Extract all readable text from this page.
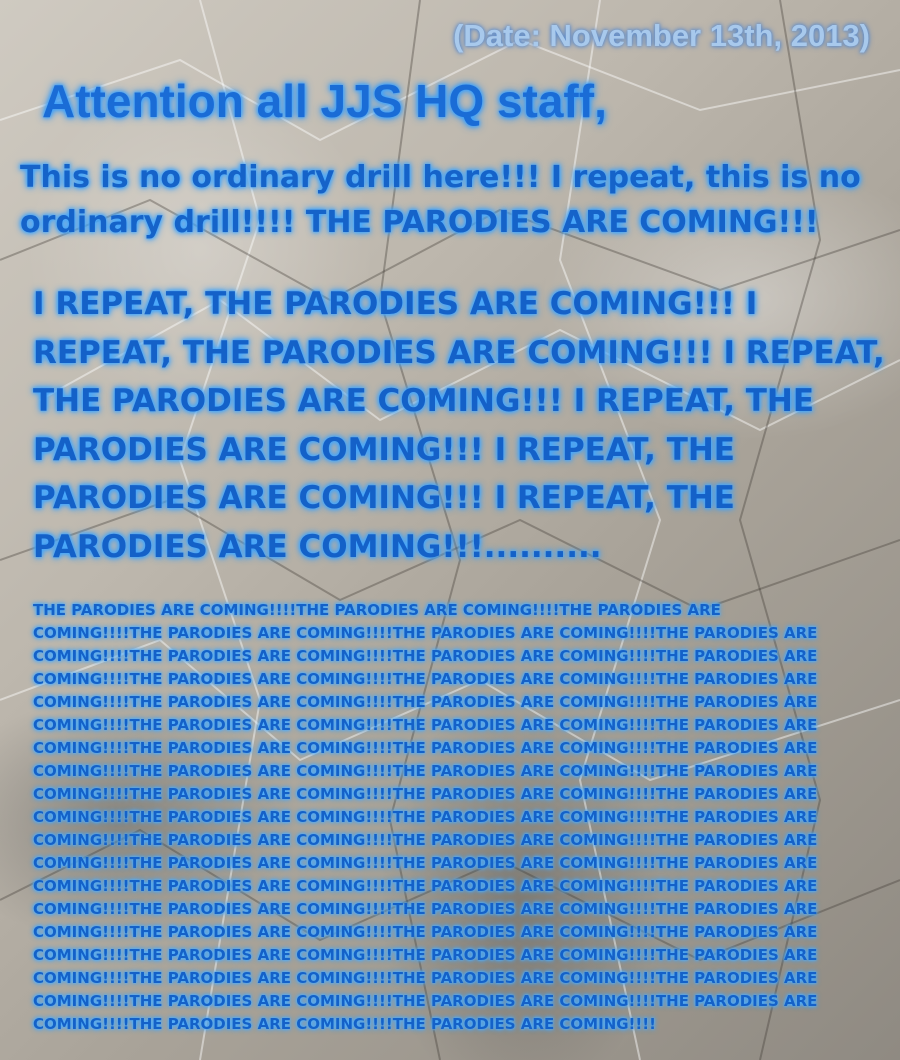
(Date: November 13th, 2013)
Attention all JJS HQ staff,
This is no ordinary drill here!!! I repeat, this is no
ordinary drill!!!! THE PARODIES ARE COMING!!!
I REPEAT, THE PARODIES ARE COMING!!! I
REPEAT, THE PARODIES ARE COMING!!! I REPEAT,
THE PARODIES ARE COMING!!! I REPEAT, THE
PARODIES ARE COMING!!! I REPEAT, THE
PARODIES ARE COMING!!! I REPEAT, THE
PARODIES ARE COMING!!!..........
THE PARODIES ARE COMING!!!!THE PARODIES ARE COMING!!!!THE PARODIES ARE
COMING!!!!THE PARODIES ARE COMING!!!!THE PARODIES ARE COMING!!!!THE PARODIES ARE
COMING!!!!THE PARODIES ARE COMING!!!!THE PARODIES ARE COMING!!!!THE PARODIES ARE
COMING!!!!THE PARODIES ARE COMING!!!!THE PARODIES ARE COMING!!!!THE PARODIES ARE
COMING!!!!THE PARODIES ARE COMING!!!!THE PARODIES ARE COMING!!!!THE PARODIES ARE
COMING!!!!THE PARODIES ARE COMING!!!!THE PARODIES ARE COMING!!!!THE PARODIES ARE
COMING!!!!THE PARODIES ARE COMING!!!!THE PARODIES ARE COMING!!!!THE PARODIES ARE
COMING!!!!THE PARODIES ARE COMING!!!!THE PARODIES ARE COMING!!!!THE PARODIES ARE
COMING!!!!THE PARODIES ARE COMING!!!!THE PARODIES ARE COMING!!!!THE PARODIES ARE
COMING!!!!THE PARODIES ARE COMING!!!!THE PARODIES ARE COMING!!!!THE PARODIES ARE
COMING!!!!THE PARODIES ARE COMING!!!!THE PARODIES ARE COMING!!!!THE PARODIES ARE
COMING!!!!THE PARODIES ARE COMING!!!!THE PARODIES ARE COMING!!!!THE PARODIES ARE
COMING!!!!THE PARODIES ARE COMING!!!!THE PARODIES ARE COMING!!!!THE PARODIES ARE
COMING!!!!THE PARODIES ARE COMING!!!!THE PARODIES ARE COMING!!!!THE PARODIES ARE
COMING!!!!THE PARODIES ARE COMING!!!!THE PARODIES ARE COMING!!!!THE PARODIES ARE
COMING!!!!THE PARODIES ARE COMING!!!!THE PARODIES ARE COMING!!!!THE PARODIES ARE
COMING!!!!THE PARODIES ARE COMING!!!!THE PARODIES ARE COMING!!!!THE PARODIES ARE
COMING!!!!THE PARODIES ARE COMING!!!!THE PARODIES ARE COMING!!!!THE PARODIES ARE
COMING!!!!THE PARODIES ARE COMING!!!!THE PARODIES ARE COMING!!!!
